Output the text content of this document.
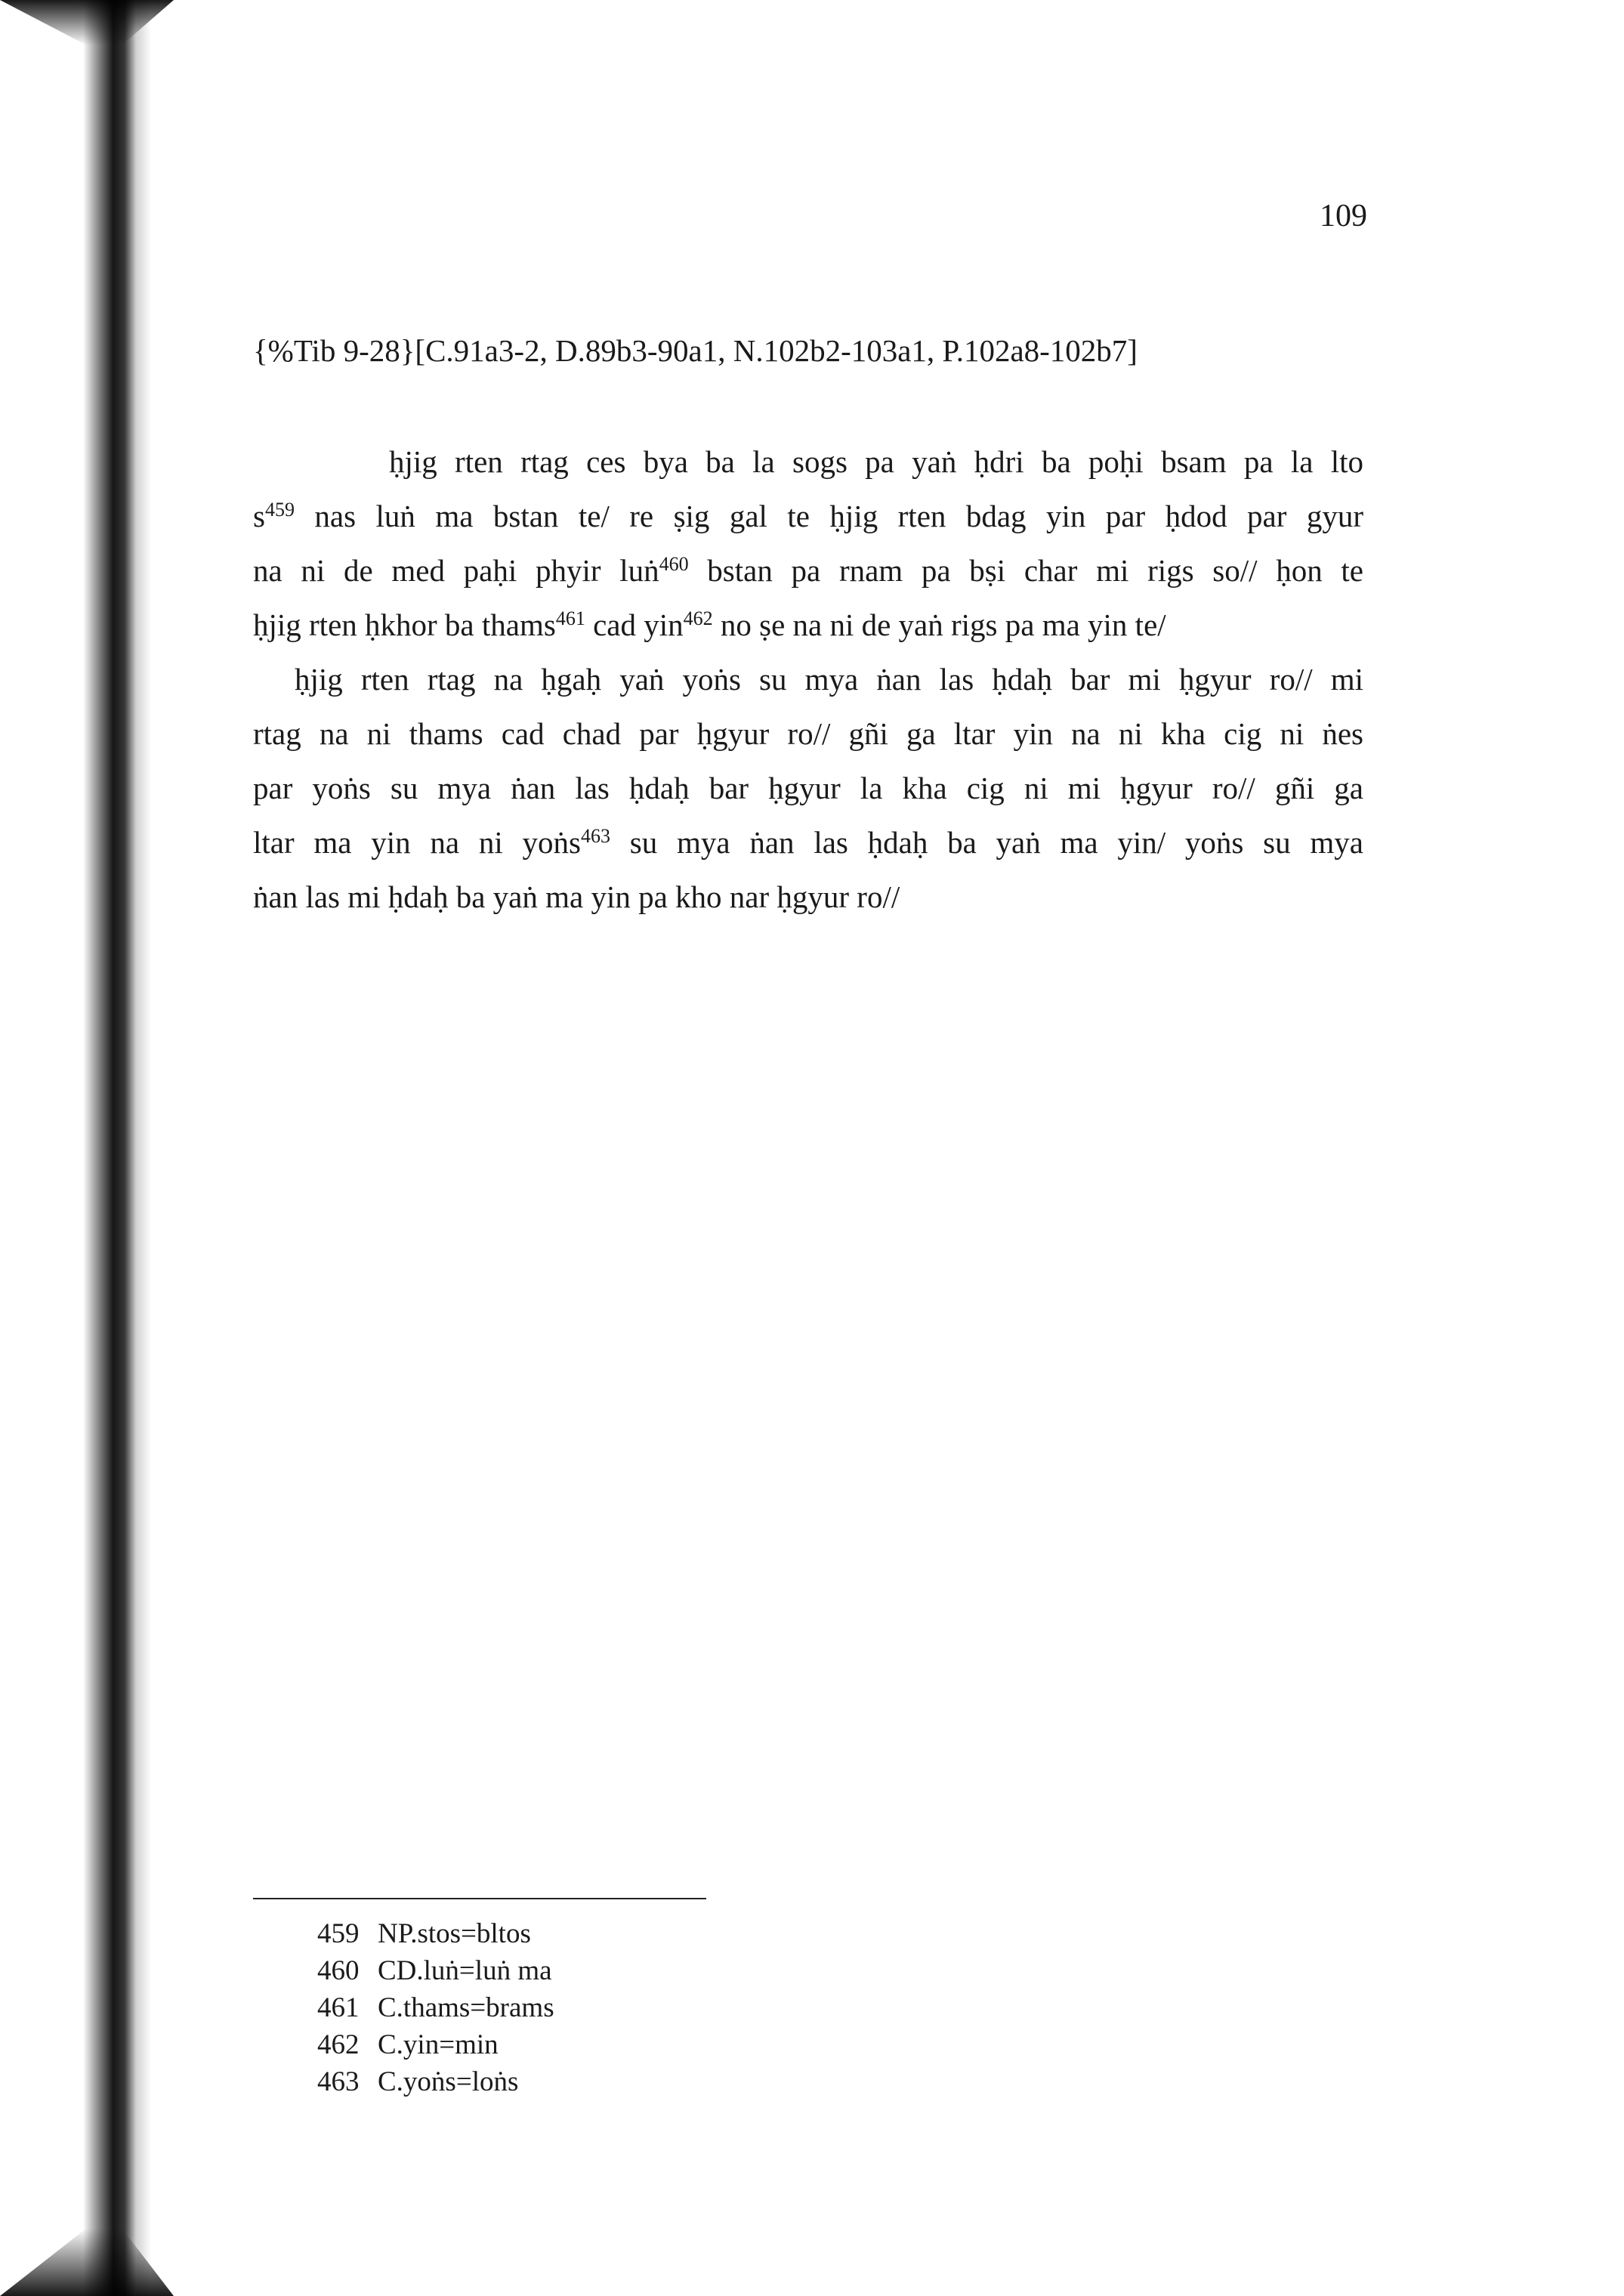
109
{%Tib 9-28}[C.91a3-2, D.89b3-90a1, N.102b2-103a1, P.102a8-102b7]
ḥjig rten rtag ces bya ba la sogs pa yaṅ ḥdri ba poḥi bsam pa la lto
$s^{459}$ nas luṅ ma bstan te/ re ṣig gal te ḥjig rten bdag yin par ḥdod par gyur
na ni de med paḥi phyir luṅ$^{460}$ bstan pa rnam pa bṣi char mi rigs so// ḥon te
ḥjig rten ḥkhor ba thams$^{461}$ cad yin$^{462}$ no ṣe na ni de yaṅ rigs pa ma yin te/
ḥjig rten rtag na ḥgaḥ yaṅ yoṅs su mya ṅan las ḥdaḥ bar mi ḥgyur ro// mi
rtag na ni thams cad chad par ḥgyur ro// gñi ga ltar yin na ni kha cig ni ṅes
par yoṅs su mya ṅan las ḥdaḥ bar ḥgyur la kha cig ni mi ḥgyur ro// gñi ga
ltar ma yin na ni yoṅs$^{463}$ su mya ṅan las ḥdaḥ ba yaṅ ma yin/ yoṅs su mya
ṅan las mi ḥdaḥ ba yaṅ ma yin pa kho nar ḥgyur ro//
459 NP.stos=bltos
460 CD.luṅ=luṅ ma
461 C.thams=brams
462 C.yin=min
463 C.yoṅs=loṅs
